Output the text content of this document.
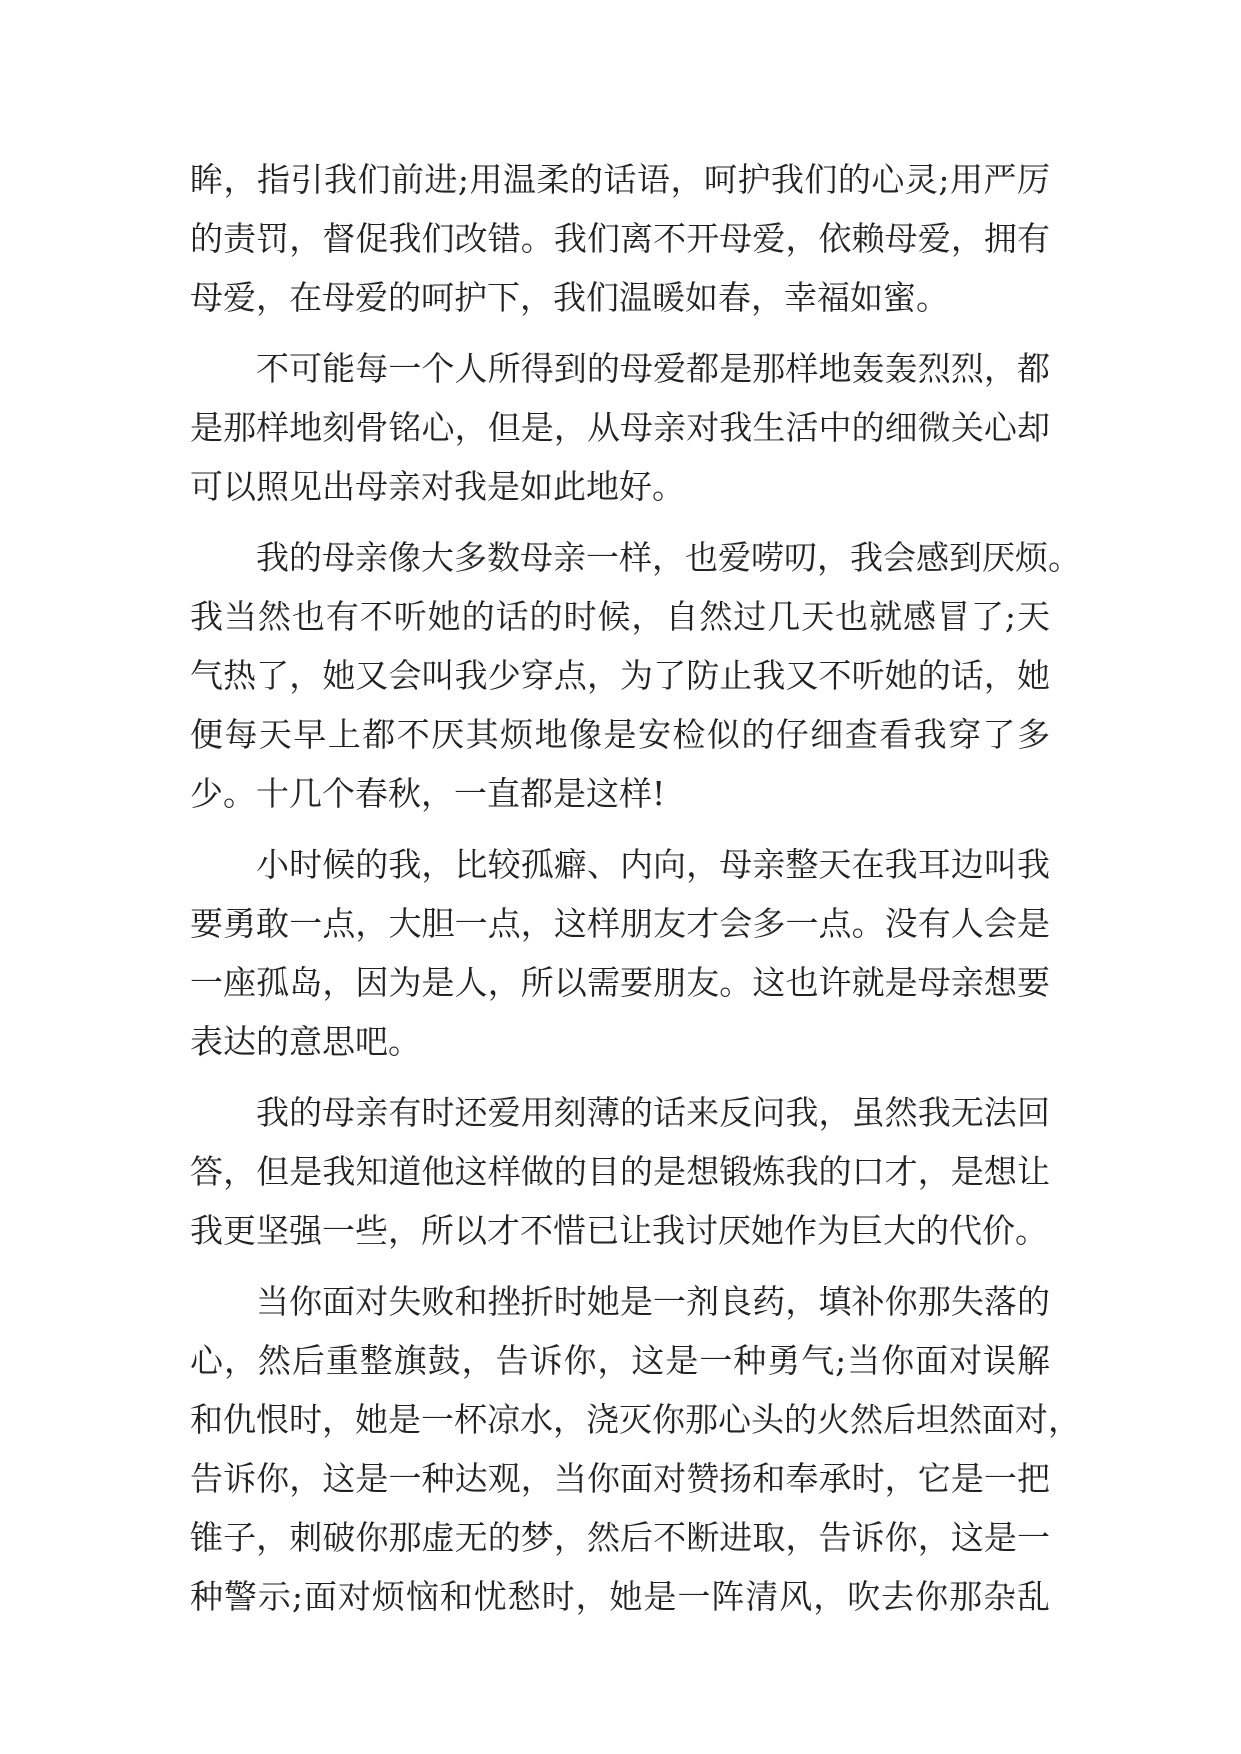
眸，指引我们前进;用温柔的话语，呵护我们的心灵;用严厉
的责罚，督促我们改错。我们离不开母爱，依赖母爱，拥有
母爱，在母爱的呵护下，我们温暖如春，幸福如蜜。
不可能每一个人所得到的母爱都是那样地轰轰烈烈，都
是那样地刻骨铭心，但是，从母亲对我生活中的细微关心却
可以照见出母亲对我是如此地好。
我的母亲像大多数母亲一样，也爱唠叨，我会感到厌烦。
我当然也有不听她的话的时候，自然过几天也就感冒了;天
气热了，她又会叫我少穿点，为了防止我又不听她的话，她
便每天早上都不厌其烦地像是安检似的仔细查看我穿了多
少。十几个春秋，一直都是这样!
小时候的我，比较孤癖、内向，母亲整天在我耳边叫我
要勇敢一点，大胆一点，这样朋友才会多一点。没有人会是
一座孤岛，因为是人，所以需要朋友。这也许就是母亲想要
表达的意思吧。
我的母亲有时还爱用刻薄的话来反问我，虽然我无法回
答，但是我知道他这样做的目的是想锻炼我的口才，是想让
我更坚强一些，所以才不惜已让我讨厌她作为巨大的代价。
当你面对失败和挫折时她是一剂良药，填补你那失落的
心，然后重整旗鼓，告诉你，这是一种勇气;当你面对误解
和仇恨时，她是一杯凉水，浇灭你那心头的火然后坦然面对，
告诉你，这是一种达观，当你面对赞扬和奉承时，它是一把
锥子，刺破你那虚无的梦，然后不断进取，告诉你，这是一
种警示;面对烦恼和忧愁时，她是一阵清风，吹去你那杂乱
